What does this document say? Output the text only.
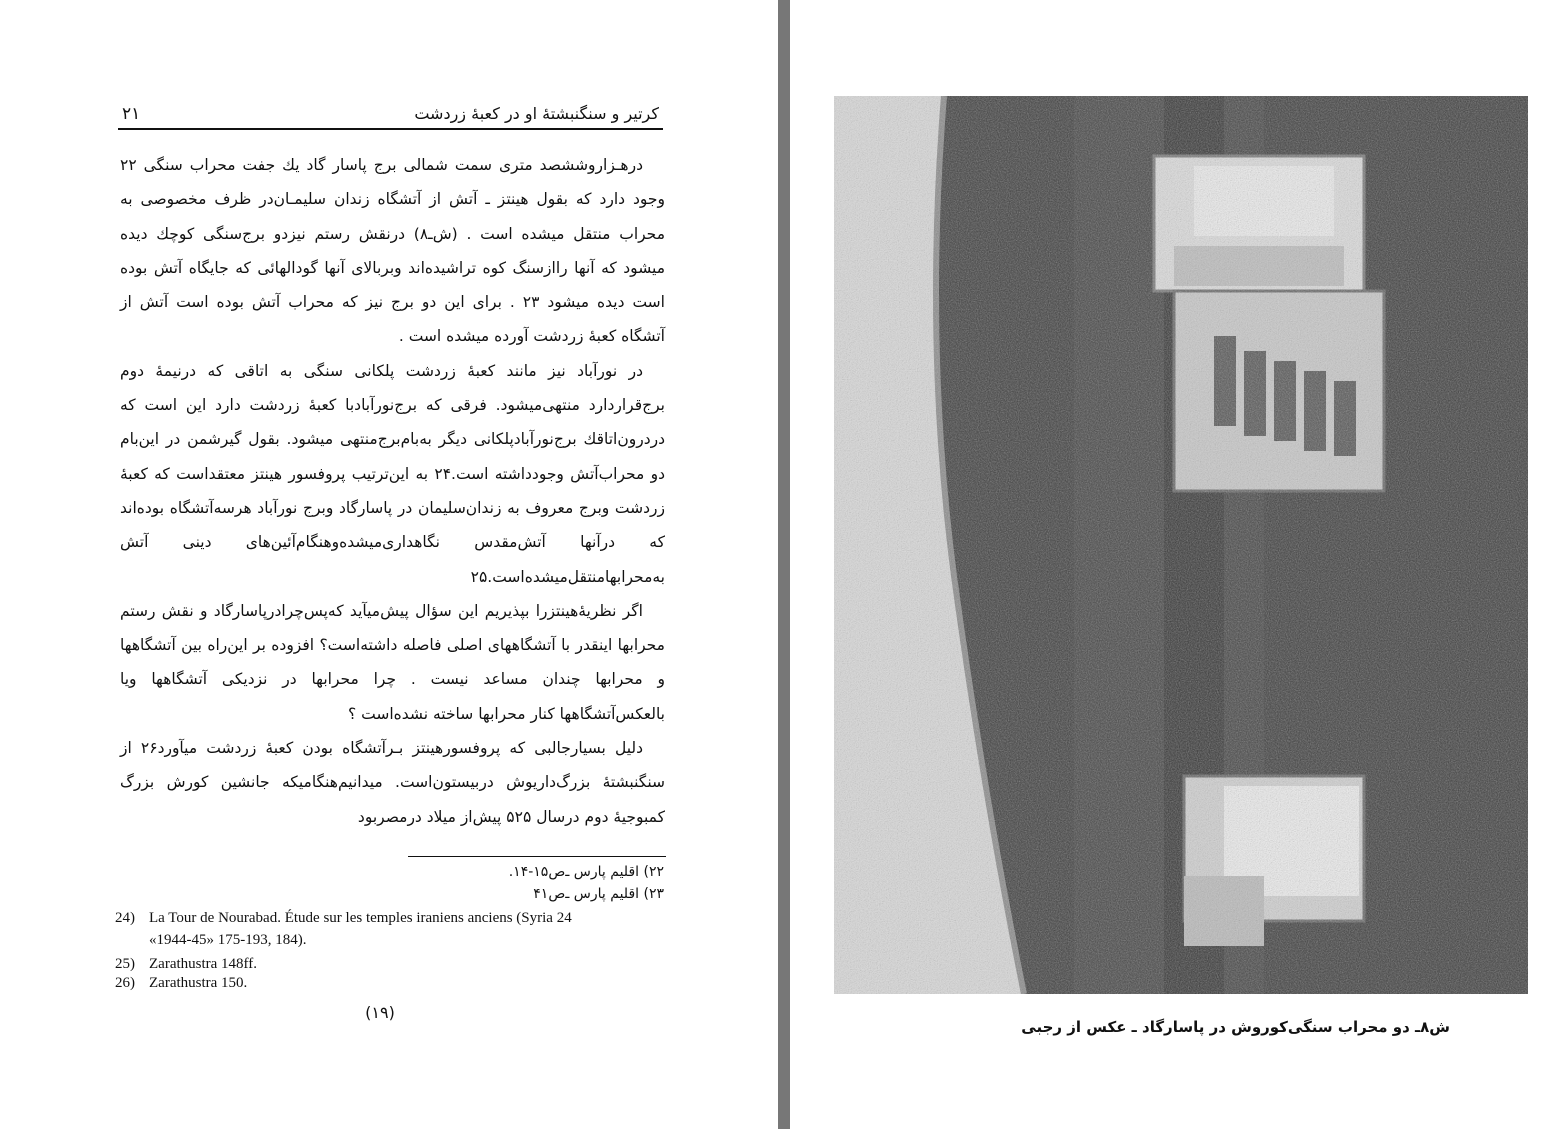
کرتیر و سنگنبشتهٔ او در کعبهٔ زردشت
۲۱

درهـزاروششصد متری سمت شمالی برج پاسار گاد یك جفت محراب سنگی ۲۲ وجود دارد که بقول هینتز ـ آتش از آتشگاه زندان سلیمـان‌در ظرف مخصوصی به محراب منتقل میشده است . (ش‌ـ۸) درنقش رستم نیزدو برج‌سنگی کوچك دیده میشود که آنها رااز‌سنگ کوه تراشیده‌اند وبربالای آنها گودالهائی که جایگاه آتش بوده است دیده میشود ۲۳ . برای این دو برج نیز که محراب آتش بوده است آتش از آتشگاه کعبهٔ زردشت آورده میشده است .

در نورآباد نیز مانند کعبهٔ زردشت پلکانی سنگی به اتاقی که درنیمهٔ دوم برج‌قراردارد منتهی‌میشود. فرقی که برج‌نورآبادبا کعبهٔ زردشت دارد این است که دردرون‌اتاقك برج‌نورآبادپلکانی دیگر به‌بام‌برج‌منتهی میشود. بقول گیرشمن در این‌بام دو محراب‌آتش وجودداشته است.۲۴ به این‌ترتیب پروفسور هینتز معتقداست که کعبهٔ زردشت وبرج معروف به زندان‌سلیمان در پاسارگاد وبرج نورآباد هرسه‌آتشگاه بوده‌اند که درآنها آتش‌مقدس نگاهداری‌میشده‌وهنگام‌آئین‌های دینی آتش به‌محرابهامنتقل‌میشده‌است.۲۵

اگر نظریهٔ‌هینتزرا بپذیریم این سؤال پیش‌میآید که‌پس‌چرادرپاسارگاد و نقش رستم محرابها اینقدر با آتشگاههای اصلی فاصله داشته‌است؟ افزوده بر این‌راه بین آتشگاهها و محرابها چندان مساعد نیست . چرا محرابها در نزدیکی آتشگاهها ویا بالعکس‌آتشگاهها کنار محرابها ساخته نشده‌است ؟

دلیل بسیارجالبی که پروفسورهینتز بـرآتشگاه بودن کعبهٔ زردشت میآورد۲۶ از سنگنبشتهٔ بزرگ‌داریوش دربیستون‌است. میدانیم‌هنگامیکه جانشین کورش بزرگ کمبوجیهٔ دوم درسال ۵۲۵ پیش‌از میلاد درمصربود

۲۲) اقلیم پارس ـ‌ص‌۱۵-۱۴.
۲۳) اقلیم پارس ـ‌ص‌۴۱
24) La Tour de Nourabad. Étude sur les temples iraniens anciens (Syria 24
«1944-45» 175-193, 184).
25) Zarathustra 148ff.
26) Zarathustra 150.
(۱۹)
ش۸ـ دو محراب سنگی‌کوروش در پاسارگاد ـ عکس از رجبی
